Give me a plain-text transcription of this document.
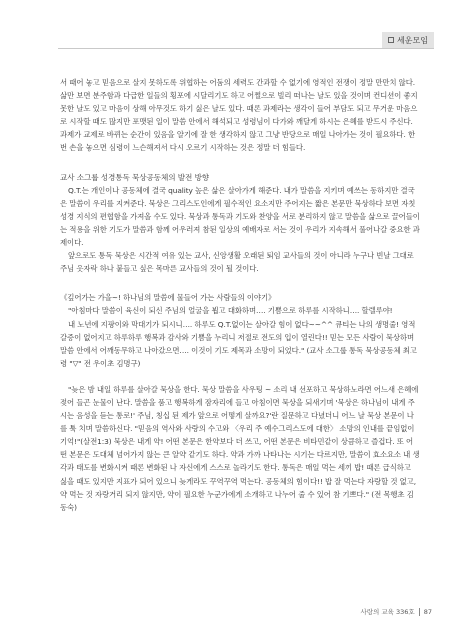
세운모임

서 때어 놓고 믿음으로 살지 못하도록 위협하는 어둠의 세력도 간과할 수 없기에 영적인 전쟁이 정말 만만치 않다. 삶만 보면 분주함과 다급한 일들의 횡포에 시달리기도 하고 어쩔으로 빌리 떠나는 날도 있을 것이며 컨디션이 좋지 못한 날도 있고 마음이 상해 아무것도 하기 싫은 날도 있다. 때론 과제라는 생각이 들어 부담도 되고 무거운 마음으로 시작할 때도 많지만 포맷된 일이 말씀 안에서 해석되고 성령님이 다가와 깨달게 하시는 은혜를 받드시 주신다. 과제가 교제로 바뀌는 순간이 있음을 알기에 잘 한 생각하지 않고 그냥 반당으로 매일 나아가는 것이 필요하다. 한번 손을 놓으면 심령이 느슨해져서 다시 오르기 시작하는 것은 정말 더 힘들다.

교사 소그룹 성경통독 묵상공동체의 발전 방향

Q.T.는 개인이나 공동체에 결국 quality 높은 삶은 살아가게 해준다. 내가 말씀을 지키며 예쓰는 동하지만 결국은 말씀이 우리를 지켜준다. 묵상은 그리스도인에게 필수적인 요소지만 주어지는 짧은 본문만 묵상하다 보면 자칫 성경 지식의 편협함을 가져올 수도 있다. 묵상과 통독과 기도와 찬양을 서로 분리하지 않고 말씀을 삶으로 끌어들이는 적용을 위한 기도가 말씀과 함께 어우러져 참된 일상의 예배자로 서는 것이 우리가 지속해서 풀어나갈 중요한 과제이다.

앞으로도 통독 묵상은 시간적 여유 있는 교사, 신앙생활 오래된 퇴임 교사들의 것이 아니라 누구나 빈날 그대로 주님 옷자락 하나 붙들고 싶은 목마른 교사들의 것이 될 것이다.

《깊어가는 가을~! 하나님의 말씀에 물들어 가는 사람들의 이야기》

"아침마다 말씀이 육신이 되신 주님의 얼굴을 뵙고 대화하며…. 기쁨으로 하루를 시작하니…. 할렐루야!

내 노년에 지팡이와 막대기가 되시니…. 하루도 Q.T.없이는 살아갈 힘이 없다~~^^ 큐티는 나의 생명줄! 영적 갈증이 없어지고 하루하루 행복과 감사와 기쁨을 누리니 저절로 전도의 입이 열린다!! 믿는 모든 사람이 묵상하며 말씀 안에서 어깨동무하고 나아갔으면…. 이것이 기도 제목과 소망이 되었다." (교사 소그룹 통독 묵상공동체 최고령 "▽" 전 우이초 김명구)

"늦은 밤 내일 하루를 살아갈 묵상을 한다. 묵상 말씀을 사우팅 ~ 소리 내 선포하고 묵상하노라면 어느새 은혜에 젖어 들곤 눈물이 난다. 말씀을 품고 행복하게 잠자리에 들고 아침이면 묵상을 되새기며 '묵상은 하나님이 내게 주시는 음성을 듣는 통로!' 주님, 칭십 된 제가 앞으로 어떻게 살까요?'란 질문하고 다녔더니 어느 날 묵상 본문이 나를 툭 치며 말씀하신다. "믿음의 역사와 사랑의 수고와 〈우리 주 예수그리스도에 대한〉 소망의 인내를 끝임없이 기억!"(살전1:3) 묵상은 내게 약! 어떤 본문은 한약보다 더 쓰고, 어떤 본문은 비타민같이 상큼하고 즐겁다. 또 어떤 본문은 도대체 넘어가지 않는 큰 알약 같기도 하다. 약과 가까 나타나는 시기는 다르지만, 말씀이 효소요소 내 생각과 태도를 변화시켜 때론 변화된 나 자신에게 스스로 놀라기도 한다. 통독은 매일 먹는 세끼 밥! 때론 급식하고 싫을 때도 있지만 지표가 되어 있으니 늦게라도 꾸역꾸역 먹는다. 공동체의 힘이다!! 밥 잘 먹는다 자랑할 것 없고, 약 먹는 것 자랑거리 되지 않지만, 약이 필요한 누군가에게 소개하고 나누어 줄 수 있어 참 기쁘다." (전 목행초 김동숙)

사랑의 교육 336호 87
